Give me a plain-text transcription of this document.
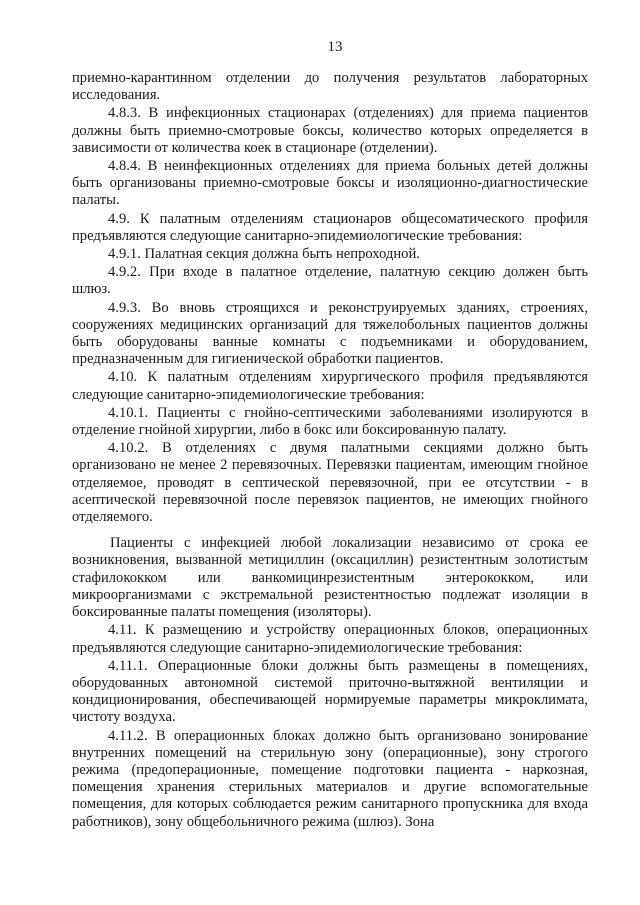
13

приемно-карантинном отделении до получения результатов лабораторных исследования.

4.8.3. В инфекционных стационарах (отделениях) для приема пациентов должны быть приемно-смотровые боксы, количество которых определяется в зависимости от количества коек в стационаре (отделении).

4.8.4. В неинфекционных отделениях для приема больных детей должны быть организованы приемно-смотровые боксы и изоляционно-диагностические палаты.

4.9. К палатным отделениям стационаров общесоматического профиля предъявляются следующие санитарно-эпидемиологические требования:

4.9.1. Палатная секция должна быть непроходной.

4.9.2. При входе в палатное отделение, палатную секцию должен быть шлюз.

4.9.3. Во вновь строящихся и реконструируемых зданиях, строениях, сооружениях медицинских организаций для тяжелобольных пациентов должны быть оборудованы ванные комнаты с подъемниками и оборудованием, предназначенным для гигиенической обработки пациентов.

4.10. К палатным отделениям хирургического профиля предъявляются следующие санитарно-эпидемиологические требования:

4.10.1. Пациенты с гнойно-септическими заболеваниями изолируются в отделение гнойной хирургии, либо в бокс или боксированную палату.

4.10.2. В отделениях с двумя палатными секциями должно быть организовано не менее 2 перевязочных. Перевязки пациентам, имеющим гнойное отделяемое, проводят в септической перевязочной, при ее отсутствии - в асептической перевязочной после перевязок пациентов, не имеющих гнойного отделяемого.

Пациенты с инфекцией любой локализации независимо от срока ее возникновения, вызванной метициллин (оксациллин) резистентным золотистым стафилококком или ванкомицинрезистентным энтерококком, или микроорганизмами с экстремальной резистентностью подлежат изоляции в боксированные палаты помещения (изоляторы).

4.11. К размещению и устройству операционных блоков, операционных предъявляются следующие санитарно-эпидемиологические требования:

4.11.1. Операционные блоки должны быть размещены в помещениях, оборудованных автономной системой приточно-вытяжной вентиляции и кондиционирования, обеспечивающей нормируемые параметры микроклимата, чистоту воздуха.

4.11.2. В операционных блоках должно быть организовано зонирование внутренних помещений на стерильную зону (операционные), зону строгого режима (предоперационные, помещение подготовки пациента - наркозная, помещения хранения стерильных материалов и другие вспомогательные помещения, для которых соблюдается режим санитарного пропускника для входа работников), зону общебольничного режима (шлюз). Зона
